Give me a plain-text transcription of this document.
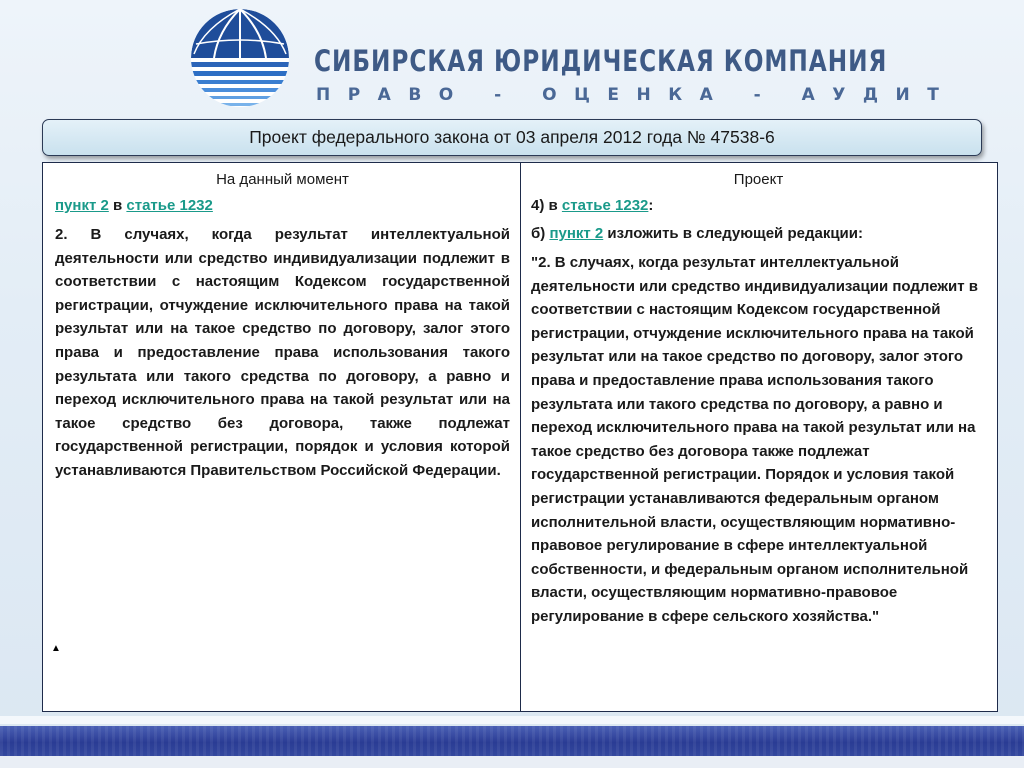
СИБИРСКАЯ ЮРИДИЧЕСКАЯ КОМПАНИЯ
ПРАВО - ОЦЕНКА - АУДИТ
Проект федерального закона от 03 апреля 2012 года № 47538-6
На данный момент
пункт 2 в статье 1232
2. В случаях, когда результат интеллектуальной деятельности или средство индивидуализации подлежит в соответствии с настоящим Кодексом государственной регистрации, отчуждение исключительного права на такой результат или на такое средство по договору, залог этого права и предоставление права использования такого результата или такого средства по договору, а равно и переход исключительного права на такой результат или на такое средство без договора, также подлежат государственной регистрации, порядок и условия которой устанавливаются Правительством Российской Федерации.
▲
Проект
4) в статье 1232:
б) пункт 2 изложить в следующей редакции:
"2. В случаях, когда результат интеллектуальной деятельности или средство индивидуализации подлежит в соответствии с настоящим Кодексом государственной регистрации, отчуждение исключительного права на такой результат или на такое средство по договору, залог этого права и предоставление права использования такого результата или такого средства по договору, а равно и переход исключительного права на такой результат или на такое средство без договора также подлежат государственной регистрации. Порядок и условия такой регистрации устанавливаются федеральным органом исполнительной власти, осуществляющим нормативно-правовое регулирование в сфере интеллектуальной собственности, и федеральным органом исполнительной власти, осуществляющим нормативно-правовое регулирование в сфере сельского хозяйства."
